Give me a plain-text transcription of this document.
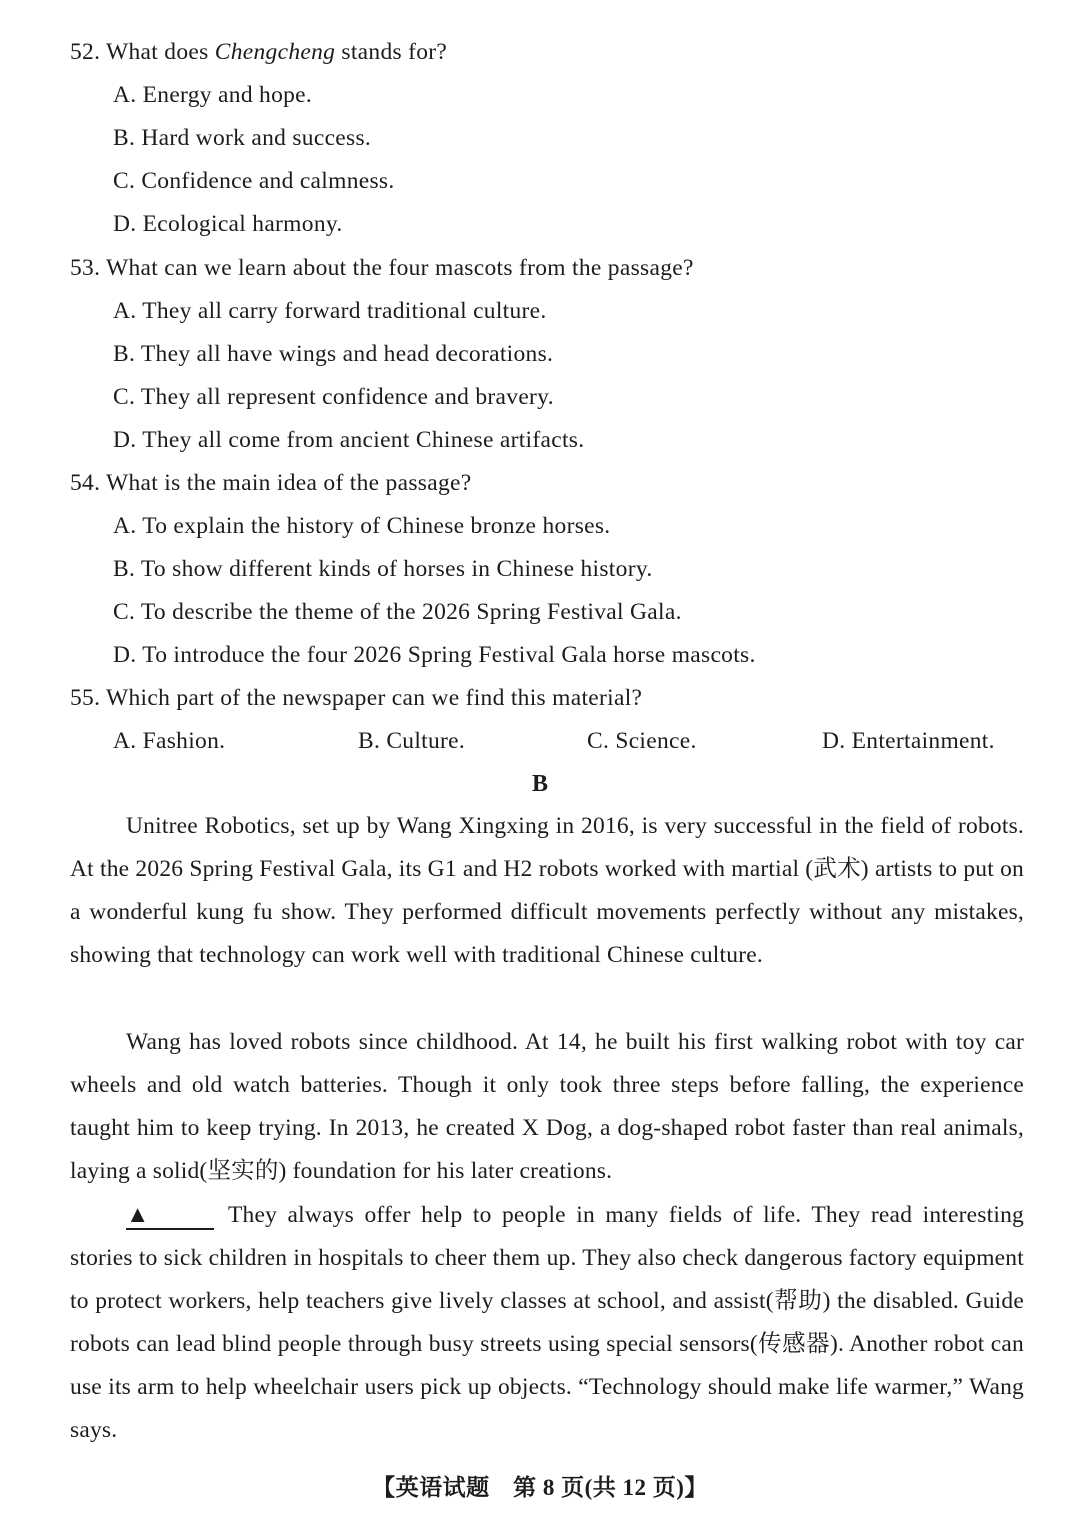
52. What does Chengcheng stands for?
A. Energy and hope.
B. Hard work and success.
C. Confidence and calmness.
D. Ecological harmony.
53. What can we learn about the four mascots from the passage?
A. They all carry forward traditional culture.
B. They all have wings and head decorations.
C. They all represent confidence and bravery.
D. They all come from ancient Chinese artifacts.
54. What is the main idea of the passage?
A. To explain the history of Chinese bronze horses.
B. To show different kinds of horses in Chinese history.
C. To describe the theme of the 2026 Spring Festival Gala.
D. To introduce the four 2026 Spring Festival Gala horse mascots.
55. Which part of the newspaper can we find this material?
A. Fashion.	B. Culture.	C. Science.	D. Entertainment.
B

Unitree Robotics, set up by Wang Xingxing in 2016, is very successful in the field of robots. At the 2026 Spring Festival Gala, its G1 and H2 robots worked with martial (武术) artists to put on a wonderful kung fu show. They performed difficult movements perfectly without any mistakes, showing that technology can work well with traditional Chinese culture.

Wang has loved robots since childhood. At 14, he built his first walking robot with toy car wheels and old watch batteries. Though it only took three steps before falling, the experience taught him to keep trying. In 2013, he created X Dog, a dog-shaped robot faster than real animals, laying a solid(坚实的) foundation for his later creations.

▲	They always offer help to people in many fields of life. They read interesting stories to sick children in hospitals to cheer them up. They also check dangerous factory equipment to protect workers, help teachers give lively classes at school, and assist(帮助) the disabled. Guide robots can lead blind people through busy streets using special sensors(传感器). Another robot can use its arm to help wheelchair users pick up objects. “Technology should make life warmer,” Wang says.

【英语试题　第 8 页(共 12 页)】
